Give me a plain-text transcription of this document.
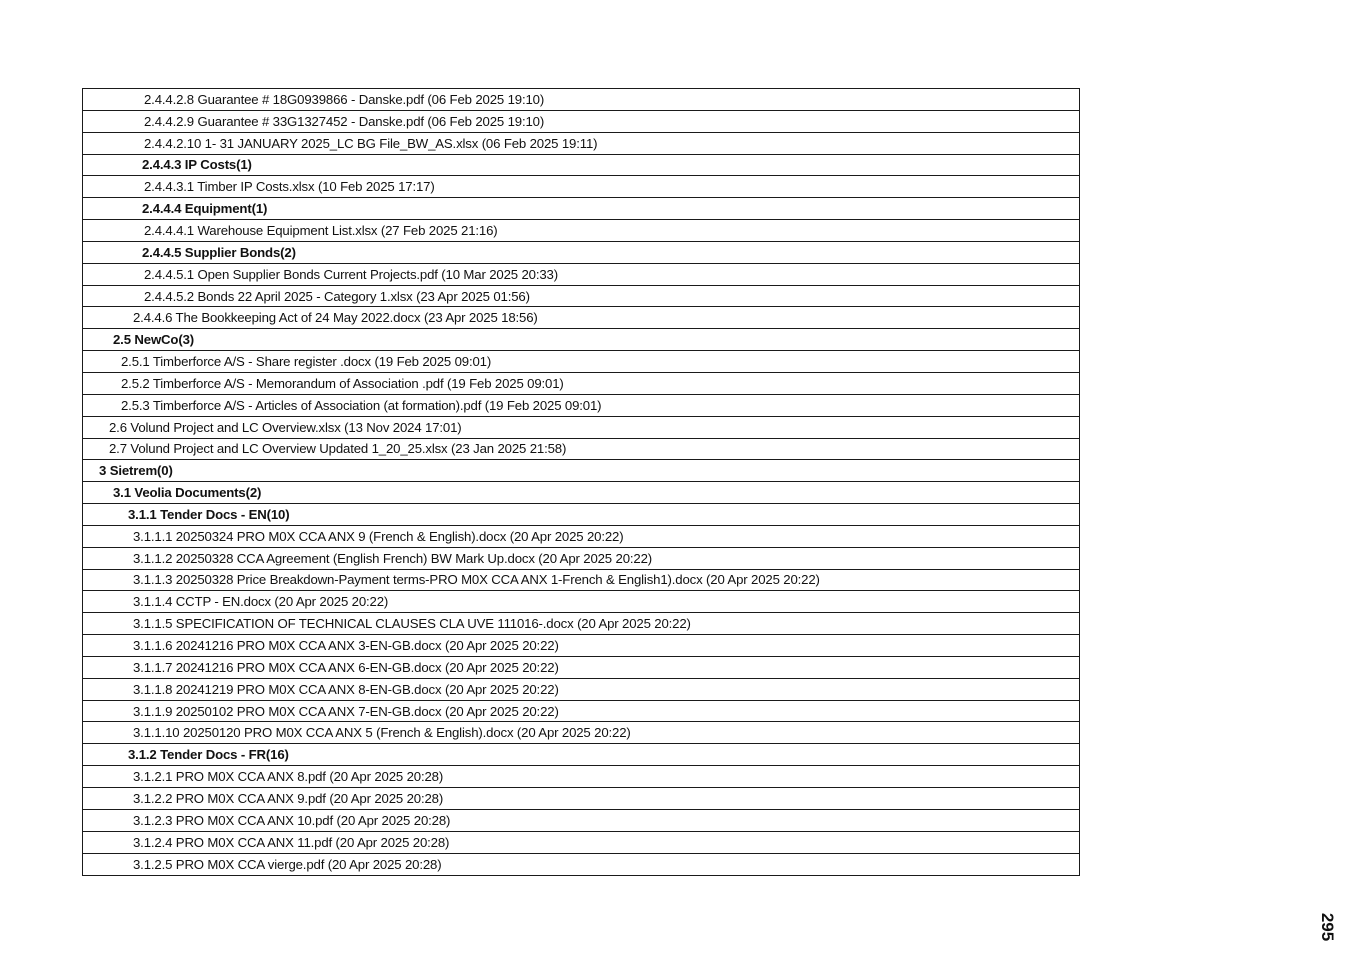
2.4.4.2.8 Guarantee # 18G0939866 - Danske.pdf (06 Feb 2025 19:10)
2.4.4.2.9 Guarantee # 33G1327452 - Danske.pdf (06 Feb 2025 19:10)
2.4.4.2.10 1- 31 JANUARY 2025_LC BG File_BW_AS.xlsx (06 Feb 2025 19:11)
2.4.4.3 IP Costs(1)
2.4.4.3.1 Timber IP Costs.xlsx (10 Feb 2025 17:17)
2.4.4.4 Equipment(1)
2.4.4.4.1 Warehouse Equipment List.xlsx (27 Feb 2025 21:16)
2.4.4.5 Supplier Bonds(2)
2.4.4.5.1 Open Supplier Bonds Current Projects.pdf (10 Mar 2025 20:33)
2.4.4.5.2 Bonds 22 April 2025 - Category 1.xlsx (23 Apr 2025 01:56)
2.4.4.6 The Bookkeeping Act of 24 May 2022.docx (23 Apr 2025 18:56)
2.5 NewCo(3)
2.5.1 Timberforce A/S - Share register .docx (19 Feb 2025 09:01)
2.5.2 Timberforce A/S - Memorandum of Association .pdf (19 Feb 2025 09:01)
2.5.3 Timberforce A/S - Articles of Association (at formation).pdf (19 Feb 2025 09:01)
2.6 Volund Project and LC Overview.xlsx (13 Nov 2024 17:01)
2.7 Volund Project and LC Overview Updated 1_20_25.xlsx (23 Jan 2025 21:58)
3 Sietrem(0)
3.1 Veolia Documents(2)
3.1.1 Tender Docs - EN(10)
3.1.1.1 20250324 PRO M0X CCA ANX 9 (French & English).docx (20 Apr 2025 20:22)
3.1.1.2 20250328 CCA Agreement (English French) BW Mark Up.docx (20 Apr 2025 20:22)
3.1.1.3 20250328 Price Breakdown-Payment terms-PRO M0X CCA ANX 1-French & English1).docx (20 Apr 2025 20:22)
3.1.1.4 CCTP - EN.docx (20 Apr 2025 20:22)
3.1.1.5 SPECIFICATION OF TECHNICAL CLAUSES CLA UVE 111016-.docx (20 Apr 2025 20:22)
3.1.1.6 20241216 PRO M0X CCA ANX 3-EN-GB.docx (20 Apr 2025 20:22)
3.1.1.7 20241216 PRO M0X CCA ANX 6-EN-GB.docx (20 Apr 2025 20:22)
3.1.1.8 20241219 PRO M0X CCA ANX 8-EN-GB.docx (20 Apr 2025 20:22)
3.1.1.9 20250102 PRO M0X CCA ANX 7-EN-GB.docx (20 Apr 2025 20:22)
3.1.1.10 20250120 PRO M0X CCA ANX 5 (French & English).docx (20 Apr 2025 20:22)
3.1.2 Tender Docs - FR(16)
3.1.2.1 PRO M0X CCA ANX 8.pdf (20 Apr 2025 20:28)
3.1.2.2 PRO M0X CCA ANX 9.pdf (20 Apr 2025 20:28)
3.1.2.3 PRO M0X CCA ANX 10.pdf (20 Apr 2025 20:28)
3.1.2.4 PRO M0X CCA ANX 11.pdf (20 Apr 2025 20:28)
3.1.2.5 PRO M0X CCA vierge.pdf (20 Apr 2025 20:28)
295
